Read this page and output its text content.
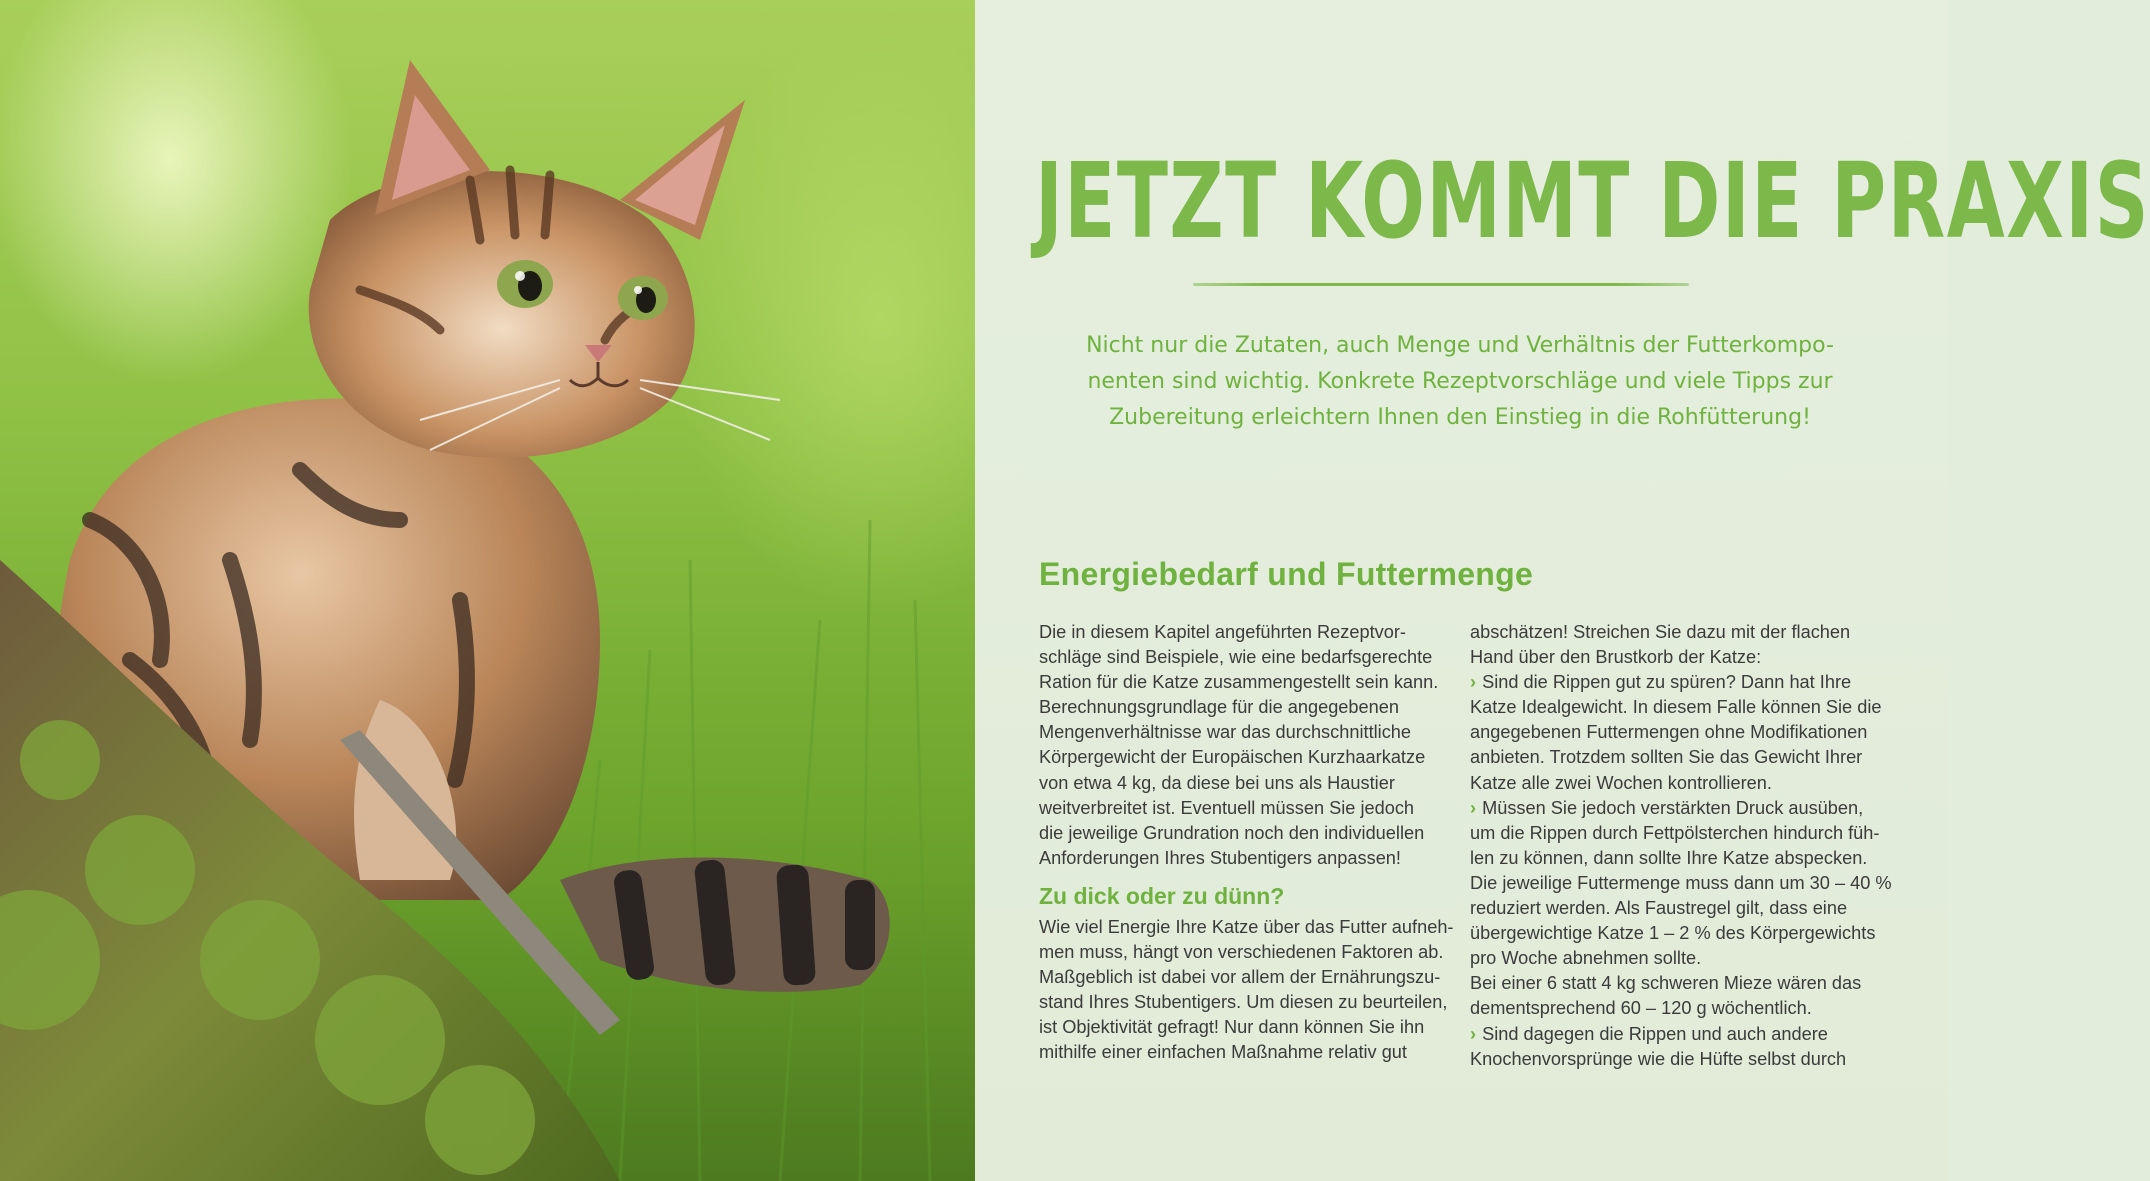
JETZT KOMMT DIE PRAXIS
Nicht nur die Zutaten, auch Menge und Verhältnis der Futterkompo-
nenten sind wichtig. Konkrete Rezeptvorschläge und viele Tipps zur
Zubereitung erleichtern Ihnen den Einstieg in die Rohfütterung!
Energiebedarf und Futtermenge
Die in diesem Kapitel angeführten Rezeptvor-
schläge sind Beispiele, wie eine bedarfsgerechte
Ration für die Katze zusammengestellt sein kann.
Berechnungsgrundlage für die angegebenen
Mengenverhältnisse war das durchschnittliche
Körpergewicht der Europäischen Kurzhaarkatze
von etwa 4 kg, da diese bei uns als Haustier
weitverbreitet ist. Eventuell müssen Sie jedoch
die jeweilige Grundration noch den individuellen
Anforderungen Ihres Stubentigers anpassen!
Zu dick oder zu dünn?
Wie viel Energie Ihre Katze über das Futter aufneh-
men muss, hängt von verschiedenen Faktoren ab.
Maßgeblich ist dabei vor allem der Ernährungszu-
stand Ihres Stubentigers. Um diesen zu beurteilen,
ist Objektivität gefragt! Nur dann können Sie ihn
mithilfe einer einfachen Maßnahme relativ gut
abschätzen! Streichen Sie dazu mit der flachen
Hand über den Brustkorb der Katze:
› Sind die Rippen gut zu spüren? Dann hat Ihre
Katze Idealgewicht. In diesem Falle können Sie die
angegebenen Futtermengen ohne Modifikationen
anbieten. Trotzdem sollten Sie das Gewicht Ihrer
Katze alle zwei Wochen kontrollieren.
› Müssen Sie jedoch verstärkten Druck ausüben,
um die Rippen durch Fettpölsterchen hindurch füh-
len zu können, dann sollte Ihre Katze abspecken.
Die jeweilige Futtermenge muss dann um 30 – 40 %
reduziert werden. Als Faustregel gilt, dass eine
übergewichtige Katze 1 – 2 % des Körpergewichts
pro Woche abnehmen sollte.
Bei einer 6 statt 4 kg schweren Mieze wären das
dementsprechend 60 – 120 g wöchentlich.
› Sind dagegen die Rippen und auch andere
Knochenvorsprünge wie die Hüfte selbst durch
